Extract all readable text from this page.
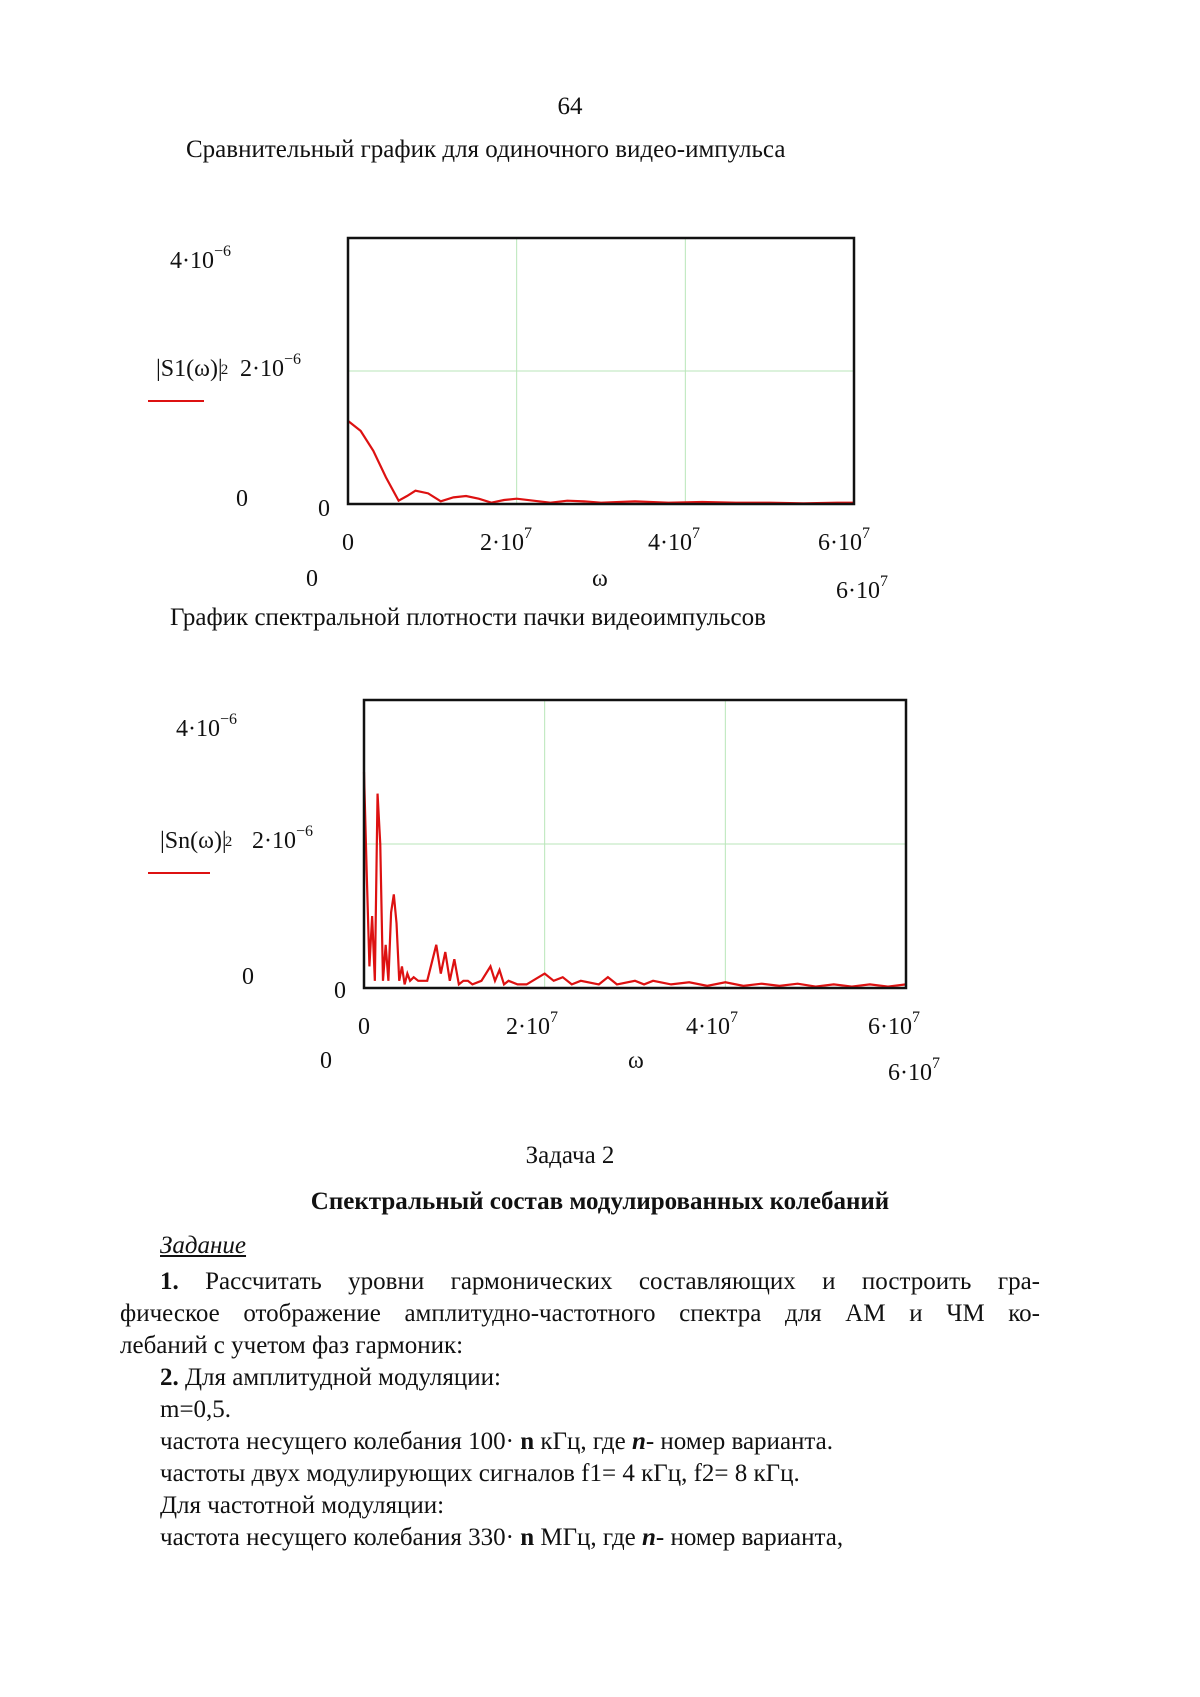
64
Сравнительный график для одиночного видео-импульса
$4\cdot 10^{-6}$
|S1(ω)|2 $2\cdot 10^{-6}$
0	0
0	$2\cdot 10^7$	$4\cdot 10^7$	$6\cdot 10^7$
0	ω	$6\cdot 10^7$
График спектральной плотности пачки видеоимпульсов
$4\cdot 10^{-6}$
|Sn(ω)|2 $2\cdot 10^{-6}$
0
0
0	$2\cdot 10^7$	$4\cdot 10^7$	$6\cdot 10^7$
0	ω	$6\cdot 10^7$
Задача 2
Спектральный состав модулированных колебаний
Задание
1. Рассчитать уровни гармонических составляющих и построить гра-
фическое отображение амплитудно-частотного спектра для АМ и ЧМ ко-
лебаний с учетом фаз гармоник:
2. Для амплитудной модуляции:
m=0,5.
частота несущего колебания 100· n кГц, где n- номер варианта.
частоты двух модулирующих сигналов f1= 4 кГц, f2= 8 кГц.
Для частотной модуляции:
частота несущего колебания 330· n МГц, где n- номер варианта,
